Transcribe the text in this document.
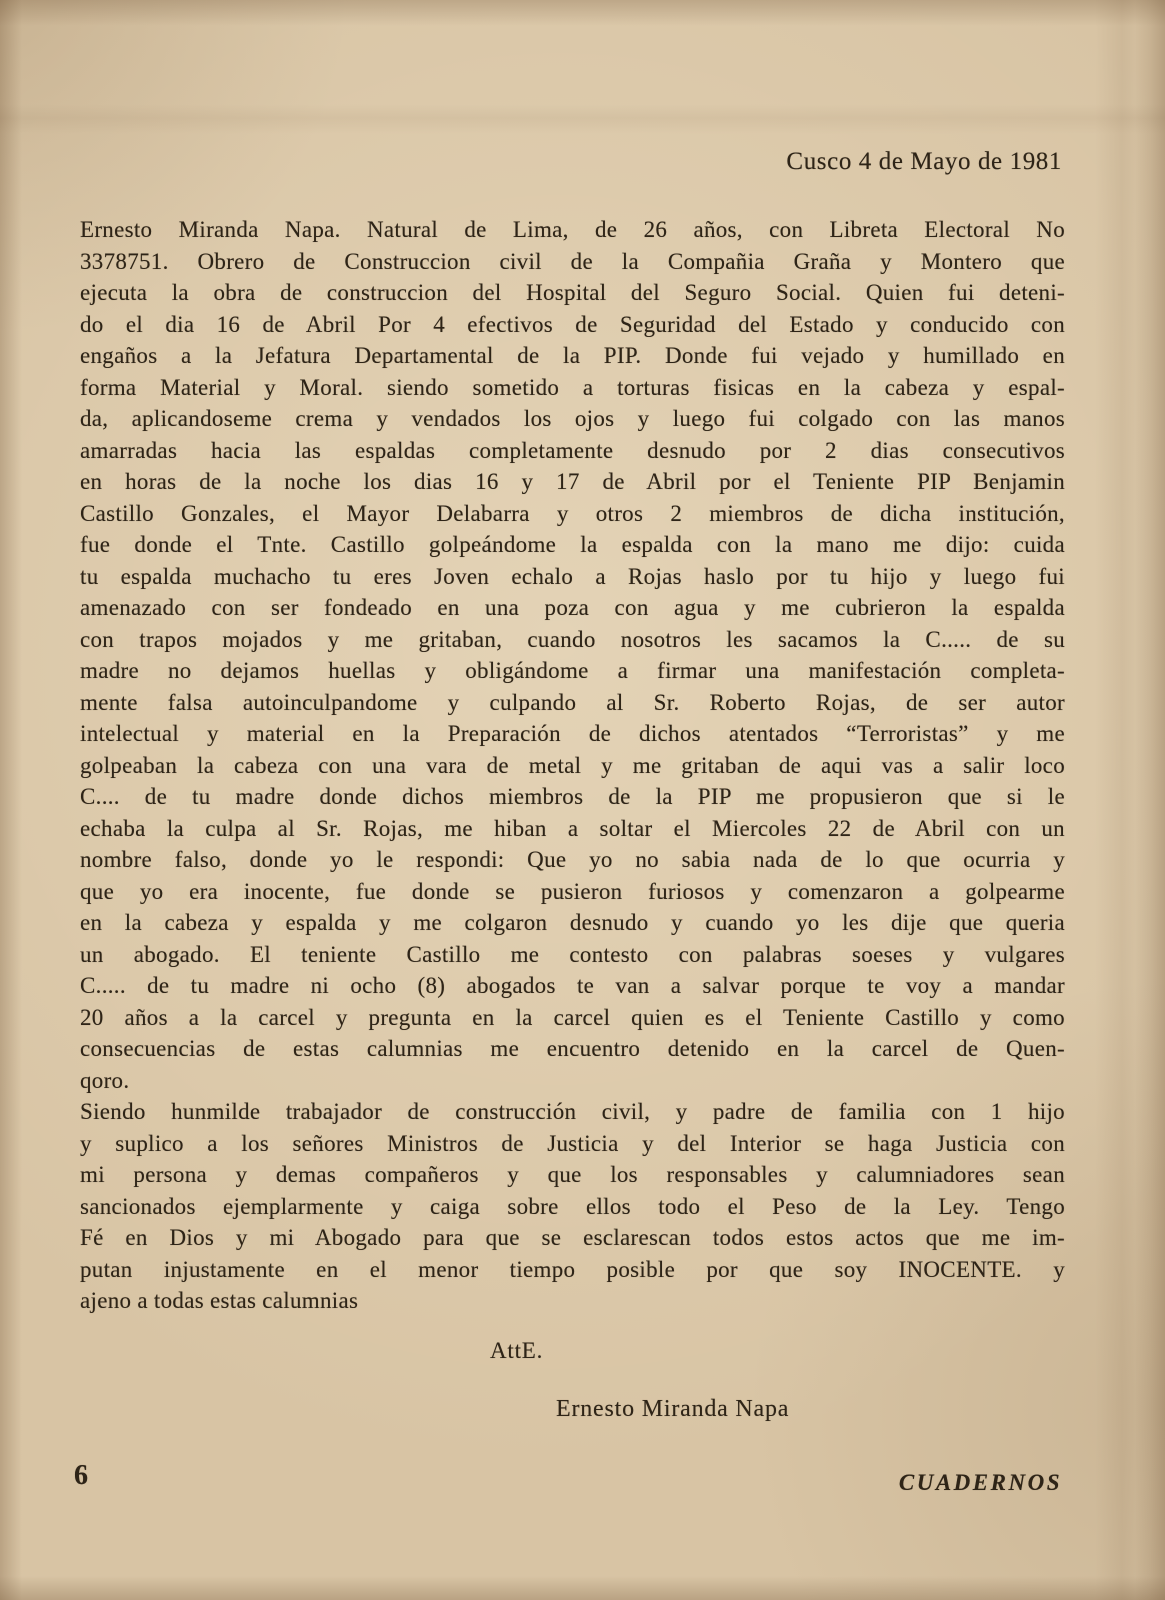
Cusco 4 de Mayo de 1981
Ernesto Miranda Napa. Natural de Lima, de 26 años, con Libreta Electoral No
3378751. Obrero de Construccion civil de la Compañia Graña y Montero que
ejecuta la obra de construccion del Hospital del Seguro Social. Quien fui deteni-
do el dia 16 de Abril Por 4 efectivos de Seguridad del Estado y conducido con
engaños a la Jefatura Departamental de la PIP. Donde fui vejado y humillado en
forma Material y Moral. siendo sometido a torturas fisicas en la cabeza y espal-
da, aplicandoseme crema y vendados los ojos y luego fui colgado con las manos
amarradas hacia las espaldas completamente desnudo por 2 dias consecutivos
en horas de la noche los dias 16 y 17 de Abril por el Teniente PIP Benjamin
Castillo Gonzales, el Mayor Delabarra y otros 2 miembros de dicha institución,
fue donde el Tnte. Castillo golpeándome la espalda con la mano me dijo: cuida
tu espalda muchacho tu eres Joven echalo a Rojas haslo por tu hijo y luego fui
amenazado con ser fondeado en una poza con agua y me cubrieron la espalda
con trapos mojados y me gritaban, cuando nosotros les sacamos la C..... de su
madre no dejamos huellas y obligándome a firmar una manifestación completa-
mente falsa autoinculpandome y culpando al Sr. Roberto Rojas, de ser autor
intelectual y material en la Preparación de dichos atentados “Terroristas” y me
golpeaban la cabeza con una vara de metal y me gritaban de aqui vas a salir loco
C.... de tu madre donde dichos miembros de la PIP me propusieron que si le
echaba la culpa al Sr. Rojas, me hiban a soltar el Miercoles 22 de Abril con un
nombre falso, donde yo le respondi: Que yo no sabia nada de lo que ocurria y
que yo era inocente, fue donde se pusieron furiosos y comenzaron a golpearme
en la cabeza y espalda y me colgaron desnudo y cuando yo les dije que queria
un abogado. El teniente Castillo me contesto con palabras soeses y vulgares
C..... de tu madre ni ocho (8) abogados te van a salvar porque te voy a mandar
20 años a la carcel y pregunta en la carcel quien es el Teniente Castillo y como
consecuencias de estas calumnias me encuentro detenido en la carcel de Quen-
qoro.
Siendo hunmilde trabajador de construcción civil, y padre de familia con 1 hijo
y suplico a los señores Ministros de Justicia y del Interior se haga Justicia con
mi persona y demas compañeros y que los responsables y calumniadores sean
sancionados ejemplarmente y caiga sobre ellos todo el Peso de la Ley. Tengo
Fé en Dios y mi Abogado para que se esclarescan todos estos actos que me im-
putan injustamente en el menor tiempo posible por que soy INOCENTE. y
ajeno a todas estas calumnias
AttE.
Ernesto Miranda Napa
6	CUADERNOS
